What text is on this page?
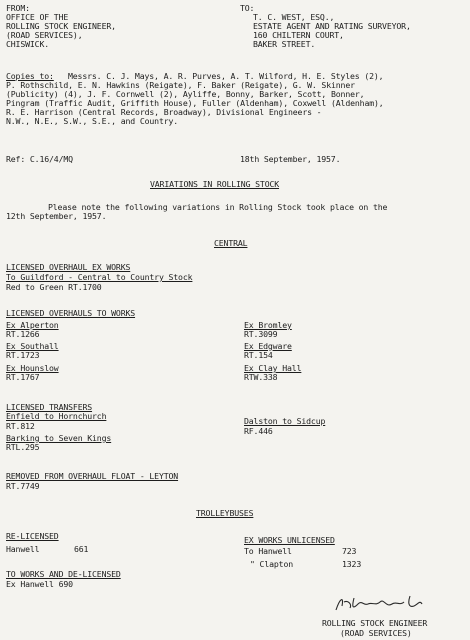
FROM:
OFFICE OF THE
ROLLING STOCK ENGINEER,
(ROAD SERVICES),
CHISWICK.
TO:
T. C. WEST, ESQ.,
ESTATE AGENT AND RATING SURVEYOR,
160 CHILTERN COURT,
BAKER STREET.
Copies to: Messrs. C. J. Mays, A. R. Purves, A. T. Wilford, H. E. Styles (2),
P. Rothschild, E. N. Hawkins (Reigate), F. Baker (Reigate), G. W. Skinner
(Publicity) (4), J. F. Cornwell (2), Ayliffe, Bonny, Barker, Scott, Bonner,
Pingram (Traffic Audit, Griffith House), Fuller (Aldenham), Coxwell (Aldenham),
R. E. Harrison (Central Records, Broadway), Divisional Engineers -
N.W., N.E., S.W., S.E., and Country.
Ref: C.16/4/MQ	18th September, 1957.
VARIATIONS IN ROLLING STOCK
Please note the following variations in Rolling Stock took place on the
12th September, 1957.
CENTRAL
LICENSED OVERHAUL EX WORKS
To Guildford - Central to Country Stock
Red to Green RT.1700
LICENSED OVERHAULS TO WORKS
Ex Alperton
RT.1266
Ex Southall
RT.1723
Ex Hounslow
RT.1767
Ex Bromley
RT.3099
Ex Edgware
RT.154
Ex Clay Hall
RTW.338
LICENSED TRANSFERS
Enfield to Hornchurch
RT.812
Barking to Seven Kings
RTL.295
Dalston to Sidcup
RF.446
REMOVED FROM OVERHAUL FLOAT - LEYTON
RT.7749
TROLLEYBUSES
RE-LICENSED
Hanwell	661
EX WORKS UNLICENSED
To Hanwell	723
" Clapton	1323
TO WORKS AND DE-LICENSED
Ex Hanwell 690
ROLLING STOCK ENGINEER
(ROAD SERVICES)
